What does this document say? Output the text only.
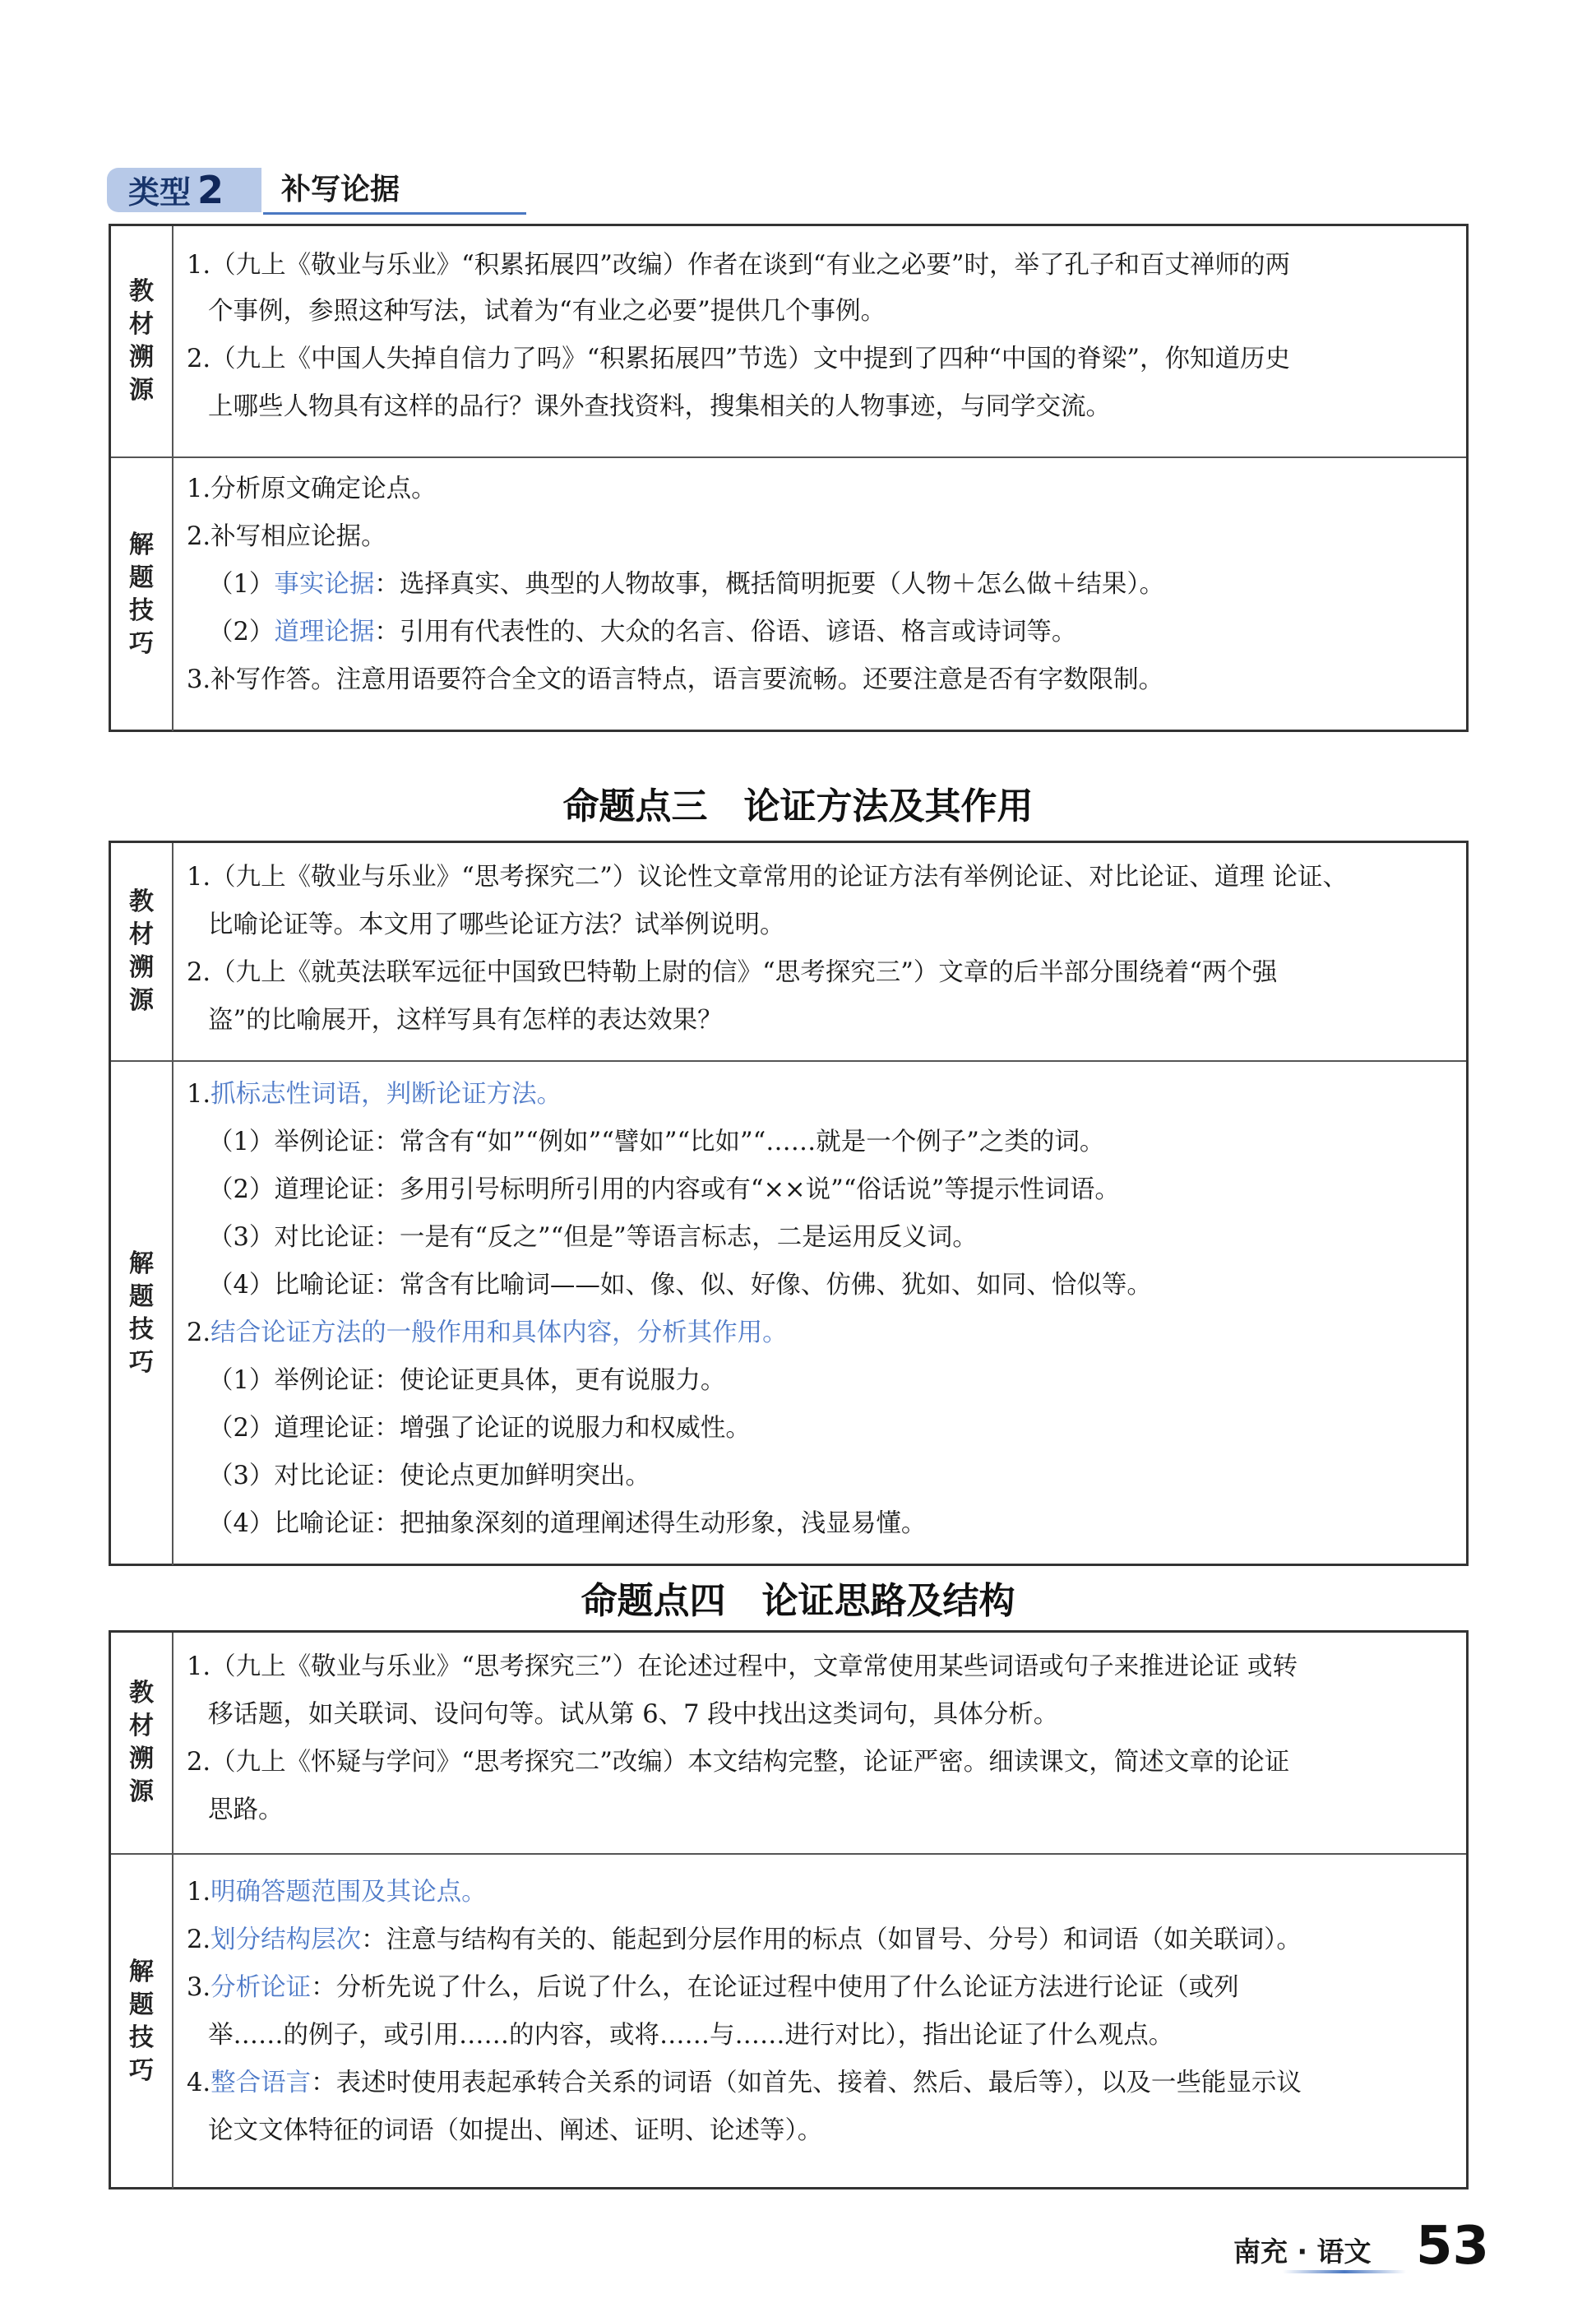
类型 2	补写论据
教材溯源
1.（九上《敬业与乐业》“积累拓展四”改编）作者在谈到“有业之必要”时，举了孔子和百丈禅师的两
个事例，参照这种写法，试着为“有业之必要”提供几个事例。
2.（九上《中国人失掉自信力了吗》“积累拓展四”节选）文中提到了四种“中国的脊梁”，你知道历史
上哪些人物具有这样的品行？课外查找资料，搜集相关的人物事迹，与同学交流。
解题技巧
1.分析原文确定论点。
2.补写相应论据。
（1）事实论据：选择真实、典型的人物故事，概括简明扼要（人物＋怎么做＋结果）。
（2）道理论据：引用有代表性的、大众的名言、俗语、谚语、格言或诗词等。
3.补写作答。注意用语要符合全文的语言特点，语言要流畅。还要注意是否有字数限制。
命题点三　论证方法及其作用
教材溯源
1.（九上《敬业与乐业》“思考探究二”）议论性文章常用的论证方法有举例论证、对比论证、道理 论证、
比喻论证等。本文用了哪些论证方法？试举例说明。
2.（九上《就英法联军远征中国致巴特勒上尉的信》“思考探究三”）文章的后半部分围绕着“两个强
盗”的比喻展开，这样写具有怎样的表达效果？
解题技巧
1.抓标志性词语，判断论证方法。
（1）举例论证：常含有“如”“例如”“譬如”“比如”“……就是一个例子”之类的词。
（2）道理论证：多用引号标明所引用的内容或有“××说”“俗话说”等提示性词语。
（3）对比论证：一是有“反之”“但是”等语言标志，二是运用反义词。
（4）比喻论证：常含有比喻词——如、像、似、好像、仿佛、犹如、如同、恰似等。
2.结合论证方法的一般作用和具体内容，分析其作用。
（1）举例论证：使论证更具体，更有说服力。
（2）道理论证：增强了论证的说服力和权威性。
（3）对比论证：使论点更加鲜明突出。
（4）比喻论证：把抽象深刻的道理阐述得生动形象，浅显易懂。
命题点四　论证思路及结构
教材溯源
1.（九上《敬业与乐业》“思考探究三”）在论述过程中，文章常使用某些词语或句子来推进论证 或转
移话题，如关联词、设问句等。试从第 6、7 段中找出这类词句，具体分析。
2.（九上《怀疑与学问》“思考探究二”改编）本文结构完整，论证严密。细读课文，简述文章的论证
思路。
解题技巧
1.明确答题范围及其论点。
2.划分结构层次：注意与结构有关的、能起到分层作用的标点（如冒号、分号）和词语（如关联词）。
3.分析论证：分析先说了什么，后说了什么，在论证过程中使用了什么论证方法进行论证（或列
举……的例子，或引用……的内容，或将……与……进行对比），指出论证了什么观点。
4.整合语言：表述时使用表起承转合关系的词语（如首先、接着、然后、最后等），以及一些能显示议
论文文体特征的词语（如提出、阐述、证明、论述等）。
南充 · 语文 53
